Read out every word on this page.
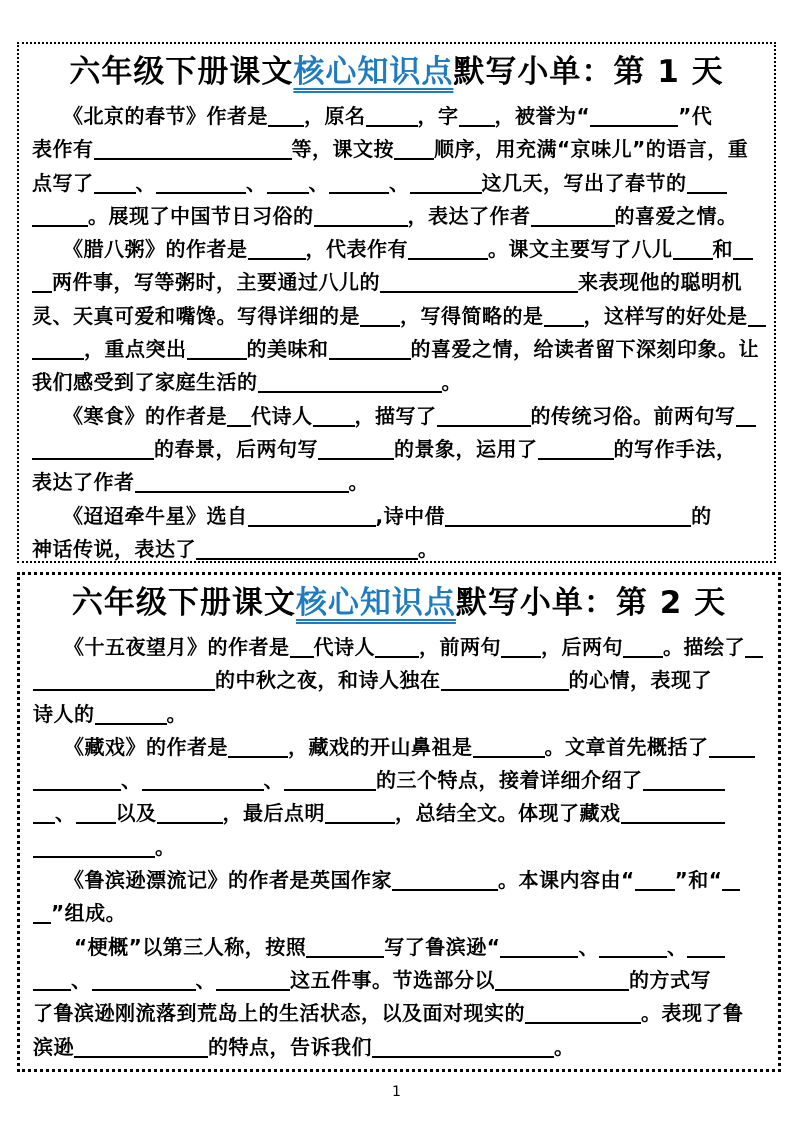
六年级下册课文核心知识点默写小单：第 1 天
　　《北京的春节》作者是 ，原名	，字 ，被誉为“	”代
表作有	等，课文按 顺序，用充满“京味儿”的语言，重
点写了 、	、 、	、	这几天，写出了春节的
。展现了中国节日习俗的	，表达了作者	的喜爱之情。
　　《腊八粥》的作者是	，代表作有	。课文主要写了八儿 和
两件事，写等粥时，主要通过八儿的	来表现他的聪明机
灵、天真可爱和嘴馋。写得详细的是 ，写得简略的是 ，这样写的好处是
，重点突出	的美味和	的喜爱之情，给读者留下深刻印象。让
我们感受到了家庭生活的	。
　　《寒食》的作者是 代诗人 ，描写了	的传统习俗。前两句写
的春景，后两句写	的景象，运用了	的写作手法，
表达了作者	。
　　《迢迢牵牛星》选自	,诗中借	的
神话传说，表达了	。
六年级下册课文核心知识点默写小单：第 2 天
　　《十五夜望月》的作者是 代诗人 ，前两句 ，后两句 。描绘了
的中秋之夜，和诗人独在	的心情，表现了
诗人的	。
　　《藏戏》的作者是	，藏戏的开山鼻祖是	。文章首先概括了
、	、	的三个特点，接着详细介绍了
、 以及	，最后点明	，总结全文。体现了藏戏
。
　　《鲁滨逊漂流记》的作者是英国作家	。本课内容由“ ”和“
”组成。
　　“梗概”以第三人称，按照	写了鲁滨逊“	、	、
、	、	这五件事。节选部分以	的方式写
了鲁滨逊刚流落到荒岛上的生活状态，以及面对现实的	。表现了鲁
滨逊	的特点，告诉我们	。
1
